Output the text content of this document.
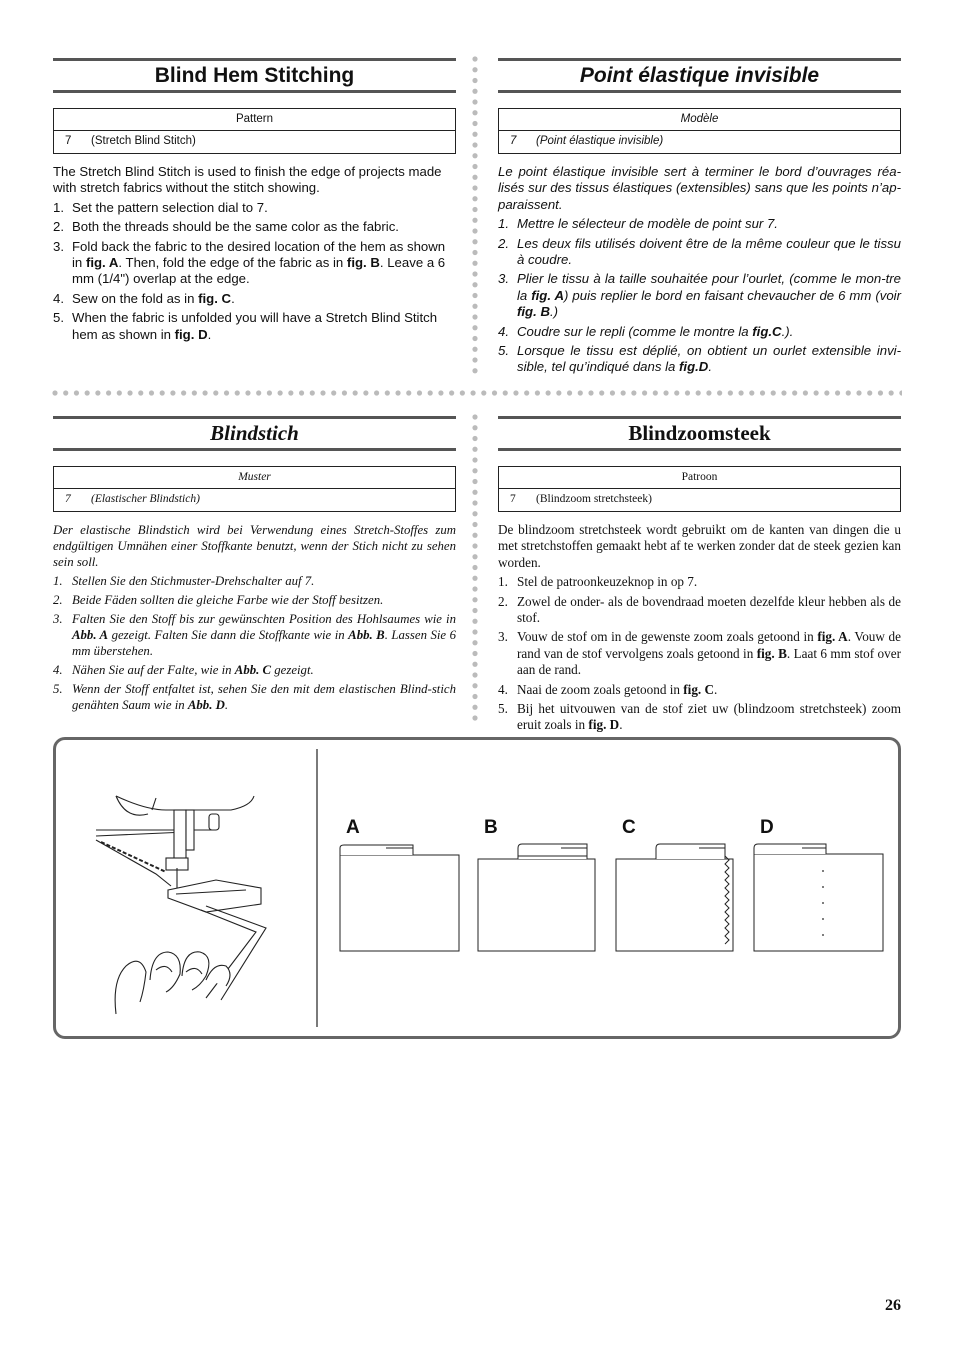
Blind Hem Stitching
Pattern
7 (Stretch Blind Stitch)

The Stretch Blind Stitch is used to finish the edge of projects made with stretch fabrics without the stitch showing.

1. Set the pattern selection dial to 7.
2. Both the threads should be the same color as the fabric.
3. Fold back the fabric to the desired location of the hem as shown in fig. A. Then, fold the edge of the fabric as in fig. B. Leave a 6 mm (1/4") overlap at the edge.
4. Sew on the fold as in fig. C.
5. When the fabric is unfolded you will have a Stretch Blind Stitch hem as shown in fig. D.
Point élastique invisible
Modèle
7 (Point élastique invisible)

Le point élastique invisible sert à terminer le bord d’ouvrages réa-lisés sur des tissus élastiques (extensibles) sans que les points n’ap-paraissent.

1. Mettre le sélecteur de modèle de point sur 7.
2. Les deux fils utilisés doivent être de la même couleur que le tissu à coudre.
3. Plier le tissu à la taille souhaitée pour l’ourlet, (comme le mon-tre la fig. A) puis replier le bord en faisant chevaucher de 6 mm (voir fig. B.)
4. Coudre sur le repli (comme le montre la fig.C.).
5. Lorsque le tissu est déplié, on obtient un ourlet extensible invi-sible, tel qu’indiqué dans la fig.D.
Blindstich
Muster
7 (Elastischer Blindstich)

Der elastische Blindstich wird bei Verwendung eines Stretch-Stoffes zum endgültigen Umnähen einer Stoffkante benutzt, wenn der Stich nicht zu sehen sein soll.

1. Stellen Sie den Stichmuster-Drehschalter auf 7.
2. Beide Fäden sollten die gleiche Farbe wie der Stoff besitzen.
3. Falten Sie den Stoff bis zur gewünschten Position des Hohlsaumes wie in Abb. A gezeigt. Falten Sie dann die Stoffkante wie in Abb. B. Lassen Sie 6 mm überstehen.
4. Nähen Sie auf der Falte, wie in Abb. C gezeigt.
5. Wenn der Stoff entfaltet ist, sehen Sie den mit dem elastischen Blind-stich genähten Saum wie in Abb. D.
Blindzoomsteek
Patroon
7 (Blindzoom stretchsteek)

De blindzoom stretchsteek wordt gebruikt om de kanten van dingen die u met stretchstoffen gemaakt hebt af te werken zonder dat de steek gezien kan worden.

1. Stel de patroonkeuzeknop in op 7.
2. Zowel de onder- als de bovendraad moeten dezelfde kleur hebben als de stof.
3. Vouw de stof om in de gewenste zoom zoals getoond in fig. A. Vouw de rand van de stof vervolgens zoals getoond in fig. B. Laat 6 mm stof over aan de rand.
4. Naai de zoom zoals getoond in fig. C.
5. Bij het uitvouwen van de stof ziet uw (blindzoom stretchsteek) zoom eruit zoals in fig. D.
A	B	C	D
26
